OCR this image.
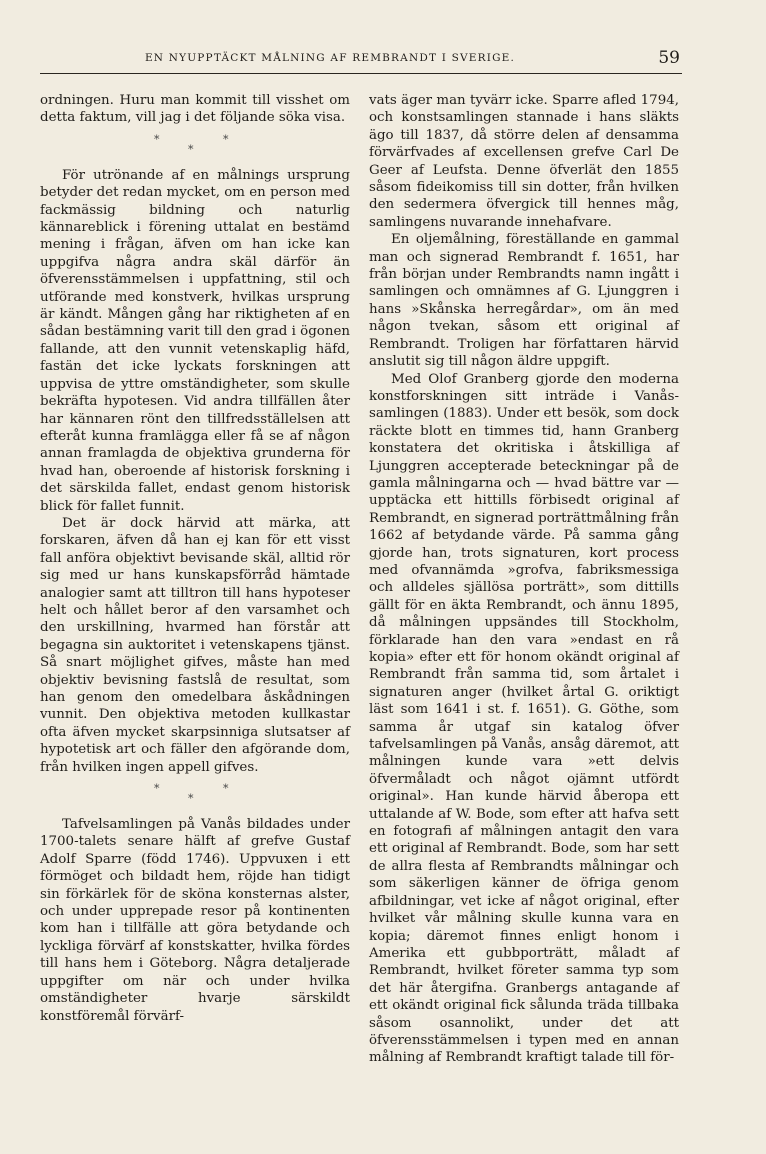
EN NYUPPTÄCKT MÅLNING AF REMBRANDT I SVERIGE.	59

ordningen. Huru man kommit till visshet om detta faktum, vill jag i det följande söka visa.

*
*
*

För utrönande af en målnings ursprung betyder det redan mycket, om en person med fackmässig bildning och naturlig kännareblick i förening uttalat en bestämd mening i frågan, äfven om han icke kan uppgifva några andra skäl därför än öfverensstämmelsen i uppfattning, stil och utförande med konstverk, hvilkas ursprung är kändt. Mången gång har riktigheten af en sådan bestämning varit till den grad i ögonen fallande, att den vunnit vetenskaplig häfd, fastän det icke lyckats forskningen att uppvisa de yttre omständigheter, som skulle bekräfta hypotesen. Vid andra tillfällen åter har kännaren rönt den tillfredsställelsen att efteråt kunna framlägga eller få se af någon annan framlagda de objektiva grunderna för hvad han, oberoende af historisk forskning i det särskilda fallet, endast genom historisk blick för fallet funnit.

Det är dock härvid att märka, att forskaren, äfven då han ej kan för ett visst fall anföra objektivt bevisande skäl, alltid rör sig med ur hans kunskapsförråd hämtade analogier samt att tilltron till hans hypoteser helt och hållet beror af den varsamhet och den urskillning, hvarmed han förstår att begagna sin auktoritet i vetenskapens tjänst. Så snart möjlighet gifves, måste han med objektiv bevisning fastslå de resultat, som han genom den omedelbara åskådningen vunnit. Den objektiva metoden kullkastar ofta äfven mycket skarpsinniga slutsatser af hypotetisk art och fäller den afgörande dom, från hvilken ingen appell gifves.

*
*
*

Tafvelsamlingen på Vanås bildades under 1700-talets senare hälft af grefve Gustaf Adolf Sparre (född 1746). Uppvuxen i ett förmöget och bildadt hem, röjde han tidigt sin förkärlek för de sköna konsternas alster, och under upprepade resor på kontinenten kom han i tillfälle att göra betydande och lyckliga förvärf af konstskatter, hvilka fördes till hans hem i Göteborg. Några detaljerade uppgifter om när och under hvilka omständigheter hvarje särskildt konstföremål förvärf-

vats äger man tyvärr icke. Sparre afled 1794, och konstsamlingen stannade i hans släkts ägo till 1837, då större delen af densamma förvärfvades af excellensen grefve Carl De Geer af Leufsta. Denne öfverlät den 1855 såsom fideikomiss till sin dotter, från hvilken den sedermera öfvergick till hennes måg, samlingens nuvarande innehafvare.

En oljemålning, föreställande en gammal man och signerad Rembrandt f. 1651, har från början under Rembrandts namn ingått i samlingen och omnämnes af G. Ljunggren i hans »Skånska herregårdar», om än med någon tvekan, såsom ett original af Rembrandt. Troligen har författaren härvid anslutit sig till någon äldre uppgift.

Med Olof Granberg gjorde den moderna konstforskningen sitt inträde i Vanås-samlingen (1883). Under ett besök, som dock räckte blott en timmes tid, hann Granberg konstatera det okritiska i åtskilliga af Ljunggren accepterade beteckningar på de gamla målningarna och — hvad bättre var — upptäcka ett hittills förbisedt original af Rembrandt, en signerad porträttmålning från 1662 af betydande värde. På samma gång gjorde han, trots signaturen, kort process med ofvannämda »grofva, fabriksmessiga och alldeles själlösa porträtt», som dittills gällt för en äkta Rembrandt, och ännu 1895, då målningen uppsändes till Stockholm, förklarade han den vara »endast en rå kopia» efter ett för honom okändt original af Rembrandt från samma tid, som årtalet i signaturen anger (hvilket årtal G. oriktigt läst som 1641 i st. f. 1651). G. Göthe, som samma år utgaf sin katalog öfver tafvelsamlingen på Vanås, ansåg däremot, att målningen kunde vara »ett delvis öfvermåladt och något ojämnt utfördt original». Han kunde härvid åberopa ett uttalande af W. Bode, som efter att hafva sett en fotografi af målningen antagit den vara ett original af Rembrandt. Bode, som har sett de allra flesta af Rembrandts målningar och som säkerligen känner de öfriga genom afbildningar, vet icke af något original, efter hvilket vår målning skulle kunna vara en kopia; däremot finnes enligt honom i Amerika ett gubbporträtt, måladt af Rembrandt, hvilket företer samma typ som det här återgifna. Granbergs antagande af ett okändt original fick sålunda träda tillbaka såsom osannolikt, under det att öfverensstämmelsen i typen med en annan målning af Rembrandt kraftigt talade till för-
